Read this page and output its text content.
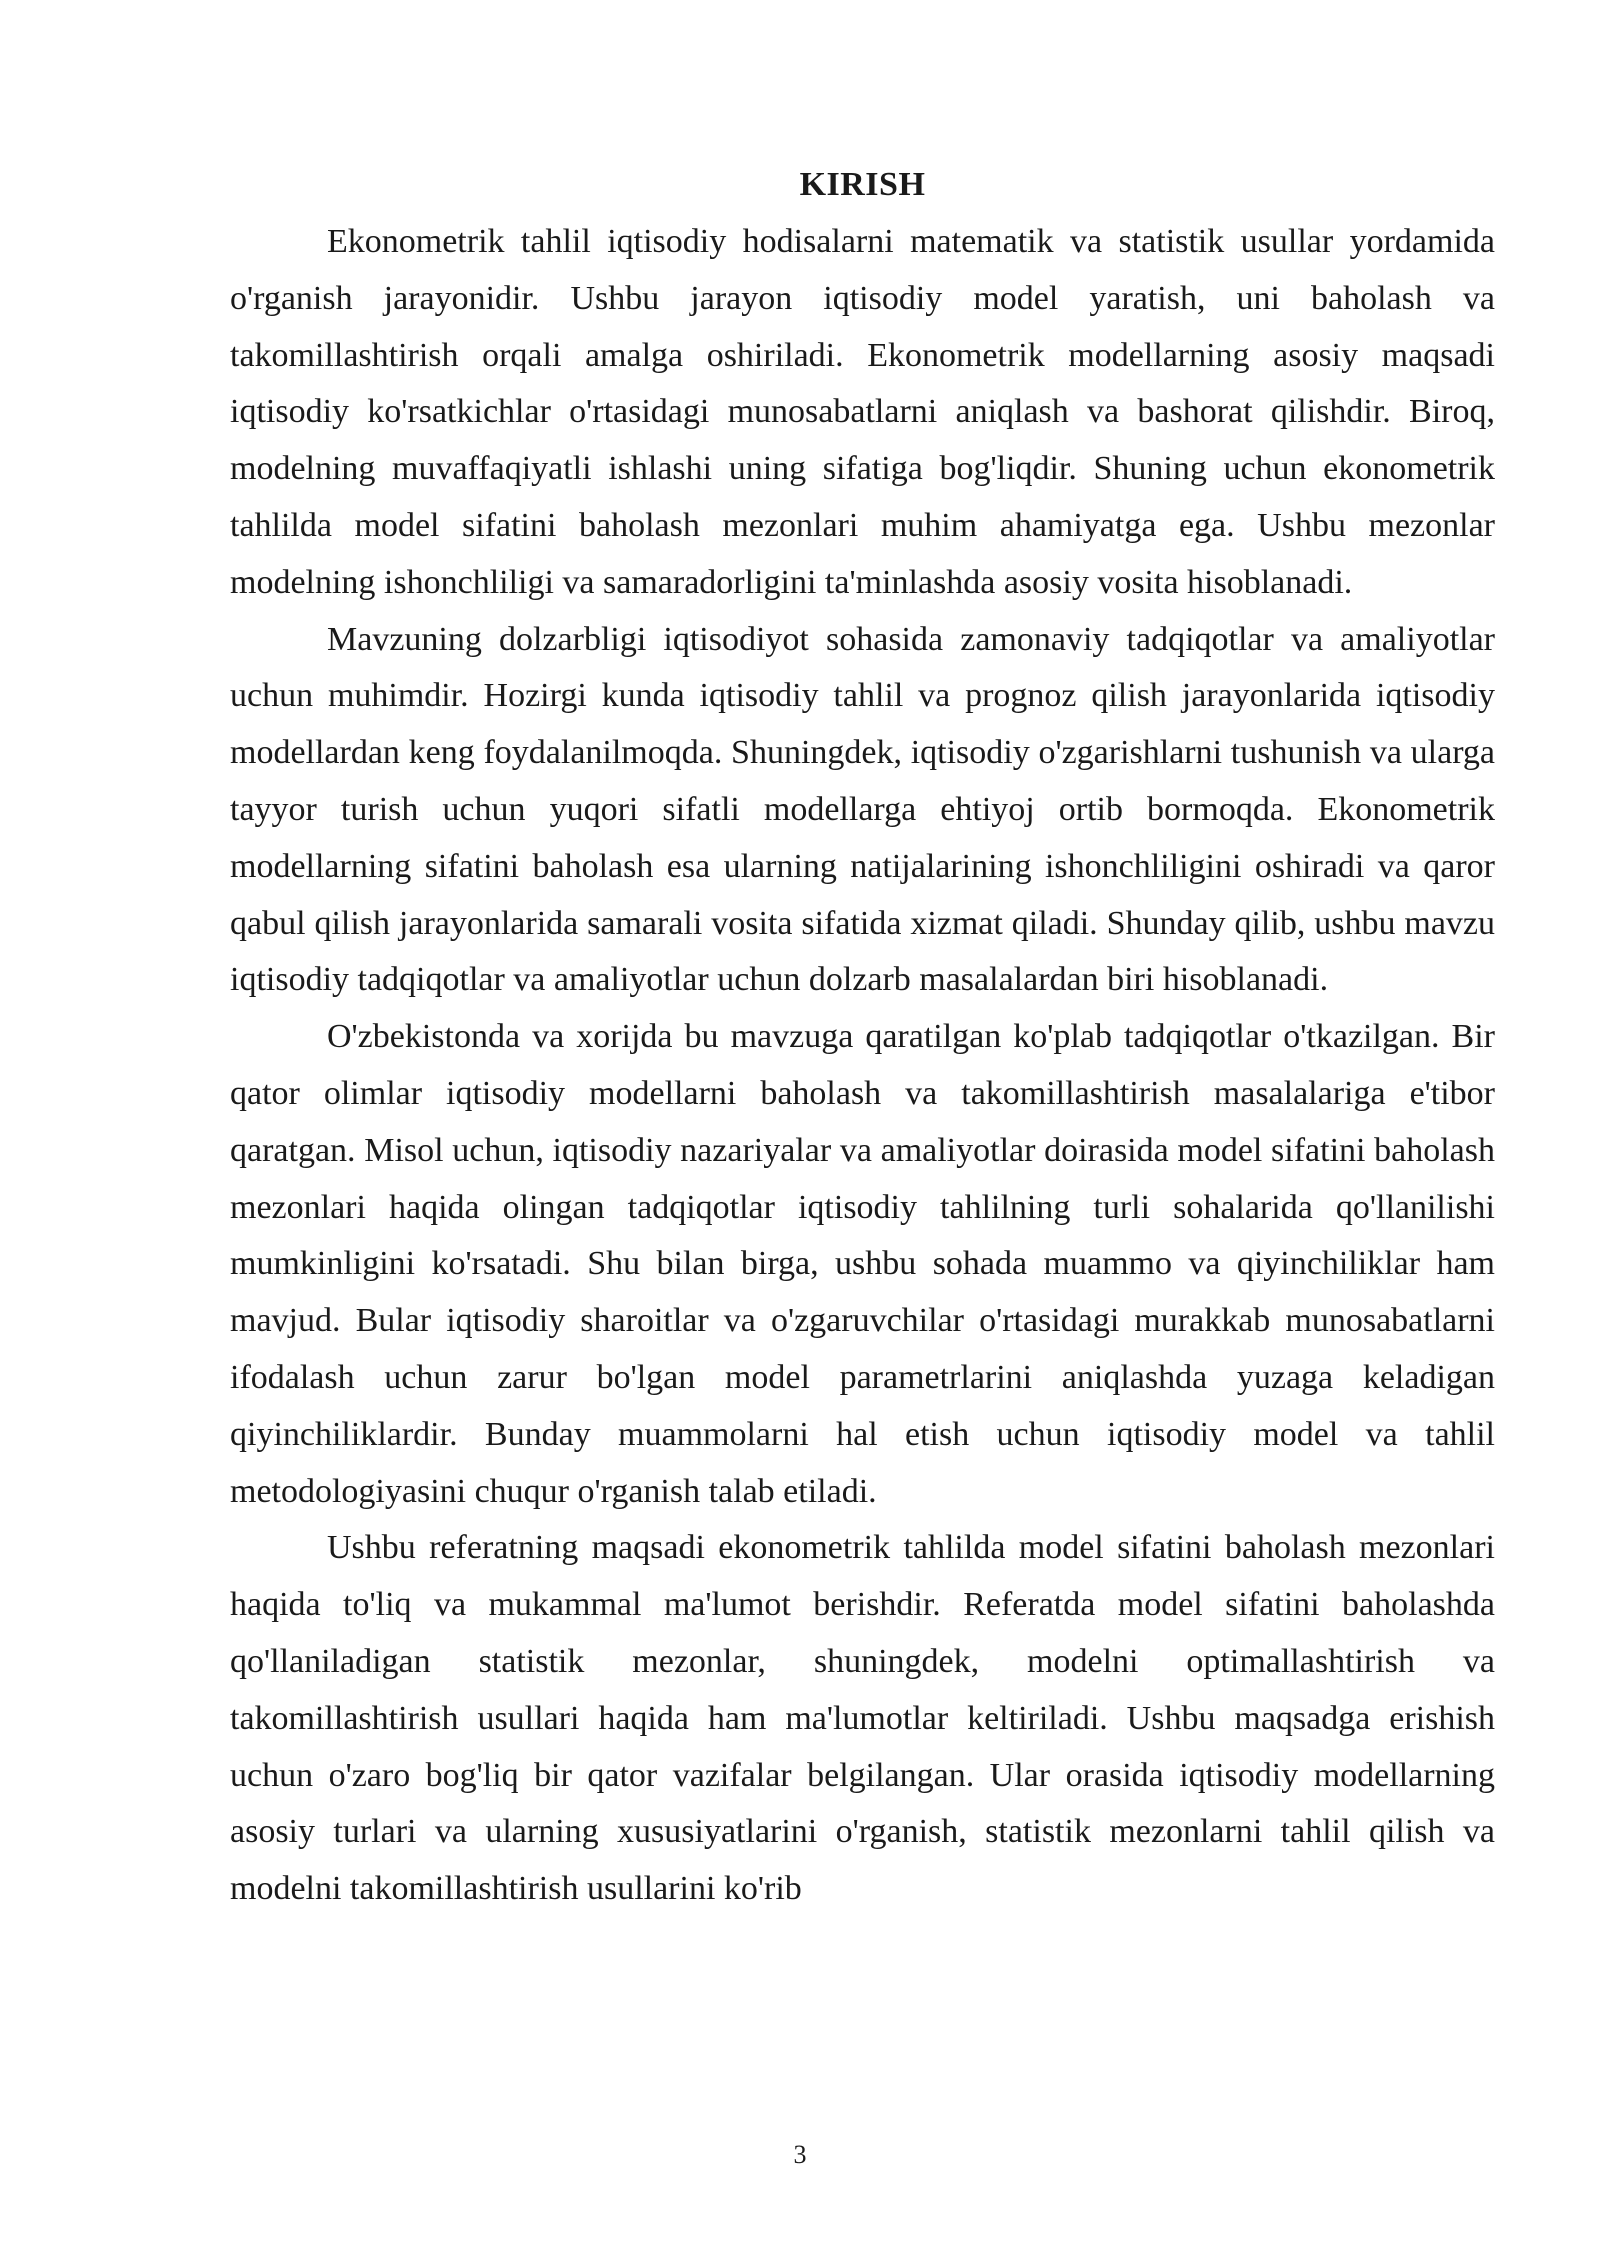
KIRISH

Ekonometrik tahlil iqtisodiy hodisalarni matematik va statistik usullar yordamida o'rganish jarayonidir. Ushbu jarayon iqtisodiy model yaratish, uni baholash va takomillashtirish orqali amalga oshiriladi. Ekonometrik modellarning asosiy maqsadi iqtisodiy ko'rsatkichlar o'rtasidagi munosabatlarni aniqlash va bashorat qilishdir. Biroq, modelning muvaffaqiyatli ishlashi uning sifatiga bog'liqdir. Shuning uchun ekonometrik tahlilda model sifatini baholash mezonlari muhim ahamiyatga ega. Ushbu mezonlar modelning ishonchliligi va samaradorligini ta'minlashda asosiy vosita hisoblanadi.

Mavzuning dolzarbligi iqtisodiyot sohasida zamonaviy tadqiqotlar va amaliyotlar uchun muhimdir. Hozirgi kunda iqtisodiy tahlil va prognoz qilish jarayonlarida iqtisodiy modellardan keng foydalanilmoqda. Shuningdek, iqtisodiy o'zgarishlarni tushunish va ularga tayyor turish uchun yuqori sifatli modellarga ehtiyoj ortib bormoqda. Ekonometrik modellarning sifatini baholash esa ularning natijalarining ishonchliligini oshiradi va qaror qabul qilish jarayonlarida samarali vosita sifatida xizmat qiladi. Shunday qilib, ushbu mavzu iqtisodiy tadqiqotlar va amaliyotlar uchun dolzarb masalalardan biri hisoblanadi.

O'zbekistonda va xorijda bu mavzuga qaratilgan ko'plab tadqiqotlar o'tkazilgan. Bir qator olimlar iqtisodiy modellarni baholash va takomillashtirish masalalariga e'tibor qaratgan. Misol uchun, iqtisodiy nazariyalar va amaliyotlar doirasida model sifatini baholash mezonlari haqida olingan tadqiqotlar iqtisodiy tahlilning turli sohalarida qo'llanilishi mumkinligini ko'rsatadi. Shu bilan birga, ushbu sohada muammo va qiyinchiliklar ham mavjud. Bular iqtisodiy sharoitlar va o'zgaruvchilar o'rtasidagi murakkab munosabatlarni ifodalash uchun zarur bo'lgan model parametrlarini aniqlashda yuzaga keladigan qiyinchiliklardir. Bunday muammolarni hal etish uchun iqtisodiy model va tahlil metodologiyasini chuqur o'rganish talab etiladi.

Ushbu referatning maqsadi ekonometrik tahlilda model sifatini baholash mezonlari haqida to'liq va mukammal ma'lumot berishdir. Referatda model sifatini baholashda qo'llaniladigan statistik mezonlar, shuningdek, modelni optimallashtirish va takomillashtirish usullari haqida ham ma'lumotlar keltiriladi. Ushbu maqsadga erishish uchun o'zaro bog'liq bir qator vazifalar belgilangan. Ular orasida iqtisodiy modellarning asosiy turlari va ularning xususiyatlarini o'rganish, statistik mezonlarni tahlil qilish va modelni takomillashtirish usullarini ko'rib

3
